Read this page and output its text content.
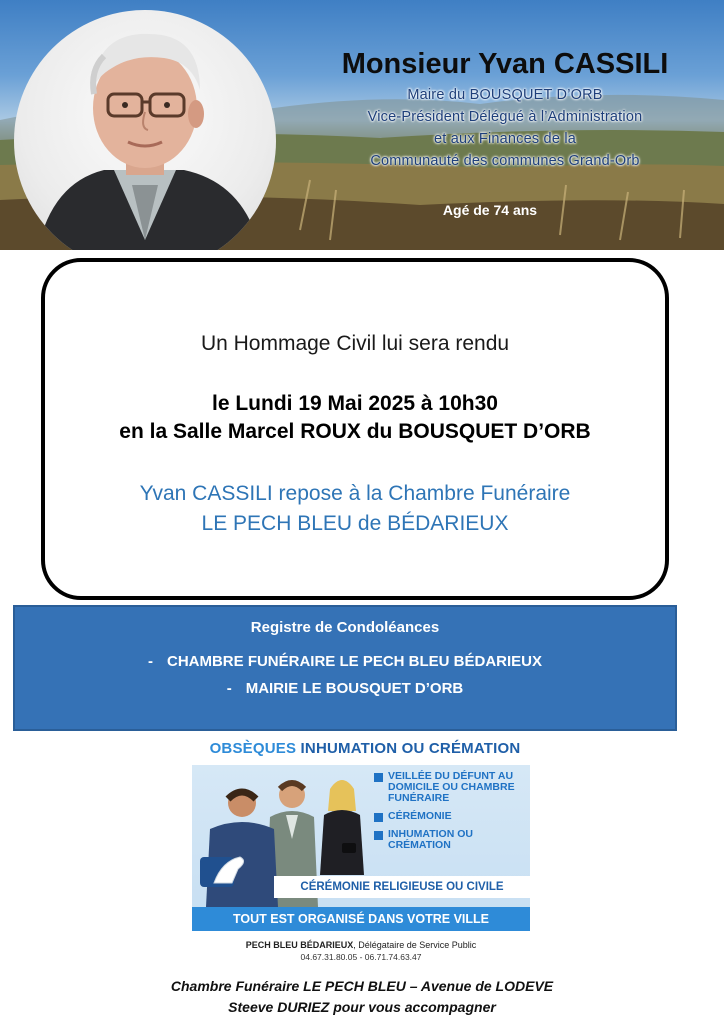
Monsieur Yvan CASSILI
Maire du BOUSQUET D’ORB
Vice-Président Délégué à l’Administration
et aux Finances de la
Communauté des communes Grand-Orb
Agé de 74 ans
Un Hommage Civil lui sera rendu
le Lundi 19 Mai 2025 à 10h30
en la Salle Marcel ROUX du BOUSQUET D’ORB
Yvan CASSILI repose à la Chambre Funéraire
LE PECH BLEU de BÉDARIEUX
Registre de Condoléances
- CHAMBRE FUNÉRAIRE LE PECH BLEU BÉDARIEUX
- MAIRIE LE BOUSQUET D’ORB
OBSÈQUES INHUMATION OU CRÉMATION
VEILLÉE DU DÉFUNT AU DOMICILE OU CHAMBRE FUNÉRAIRE
CÉRÉMONIE
INHUMATION OU CRÉMATION
CÉRÉMONIE RELIGIEUSE OU CIVILE
TOUT EST ORGANISÉ DANS VOTRE VILLE
PECH BLEU BÉDARIEUX, Délégataire de Service Public
04.67.31.80.05 - 06.71.74.63.47
Chambre Funéraire LE PECH BLEU – Avenue de LODEVE
Steeve DURIEZ pour vous accompagner
